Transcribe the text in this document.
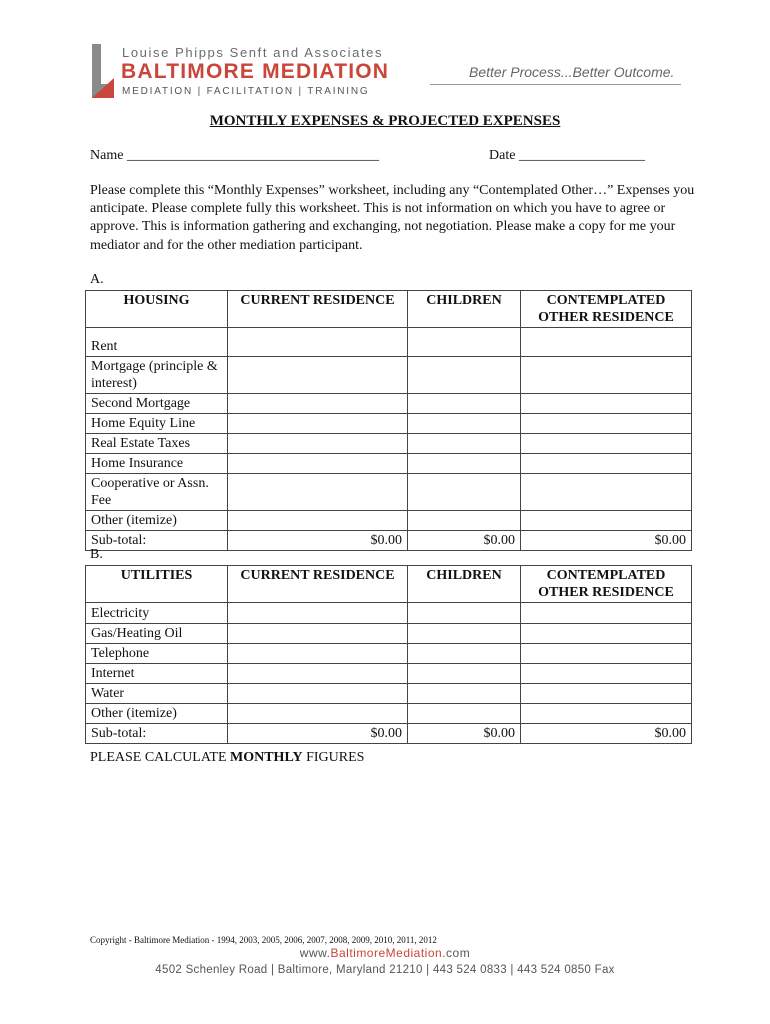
Louise Phipps Senft and Associates
BALTIMORE MEDIATION
MEDIATION | FACILITATION | TRAINING
Better Process...Better Outcome.
MONTHLY EXPENSES & PROJECTED EXPENSES
Name ____________________________________	Date __________________
Please complete this “Monthly Expenses” worksheet, including any “Contemplated Other…” Expenses you anticipate. Please complete fully this worksheet. This is not information on which you have to agree or approve. This is information gathering and exchanging, not negotiation. Please make a copy for me your mediator and for the other mediation participant.
A.
HOUSING	CURRENT RESIDENCE	CHILDREN	CONTEMPLATED OTHER RESIDENCE
Rent			
Mortgage (principle & interest)			
Second Mortgage			
Home Equity Line			
Real Estate Taxes			
Home Insurance			
Cooperative or Assn. Fee			
Other (itemize)			
Sub-total:	$0.00	$0.00	$0.00
B.
UTILITIES	CURRENT RESIDENCE	CHILDREN	CONTEMPLATED OTHER RESIDENCE
Electricity			
Gas/Heating Oil			
Telephone			
Internet			
Water			
Other (itemize)			
Sub-total:	$0.00	$0.00	$0.00
PLEASE CALCULATE MONTHLY FIGURES
Copyright - Baltimore Mediation - 1994, 2003, 2005, 2006, 2007, 2008, 2009, 2010, 2011, 2012
www.BaltimoreMediation.com
4502 Schenley Road | Baltimore, Maryland 21210 | 443 524 0833 | 443 524 0850 Fax
